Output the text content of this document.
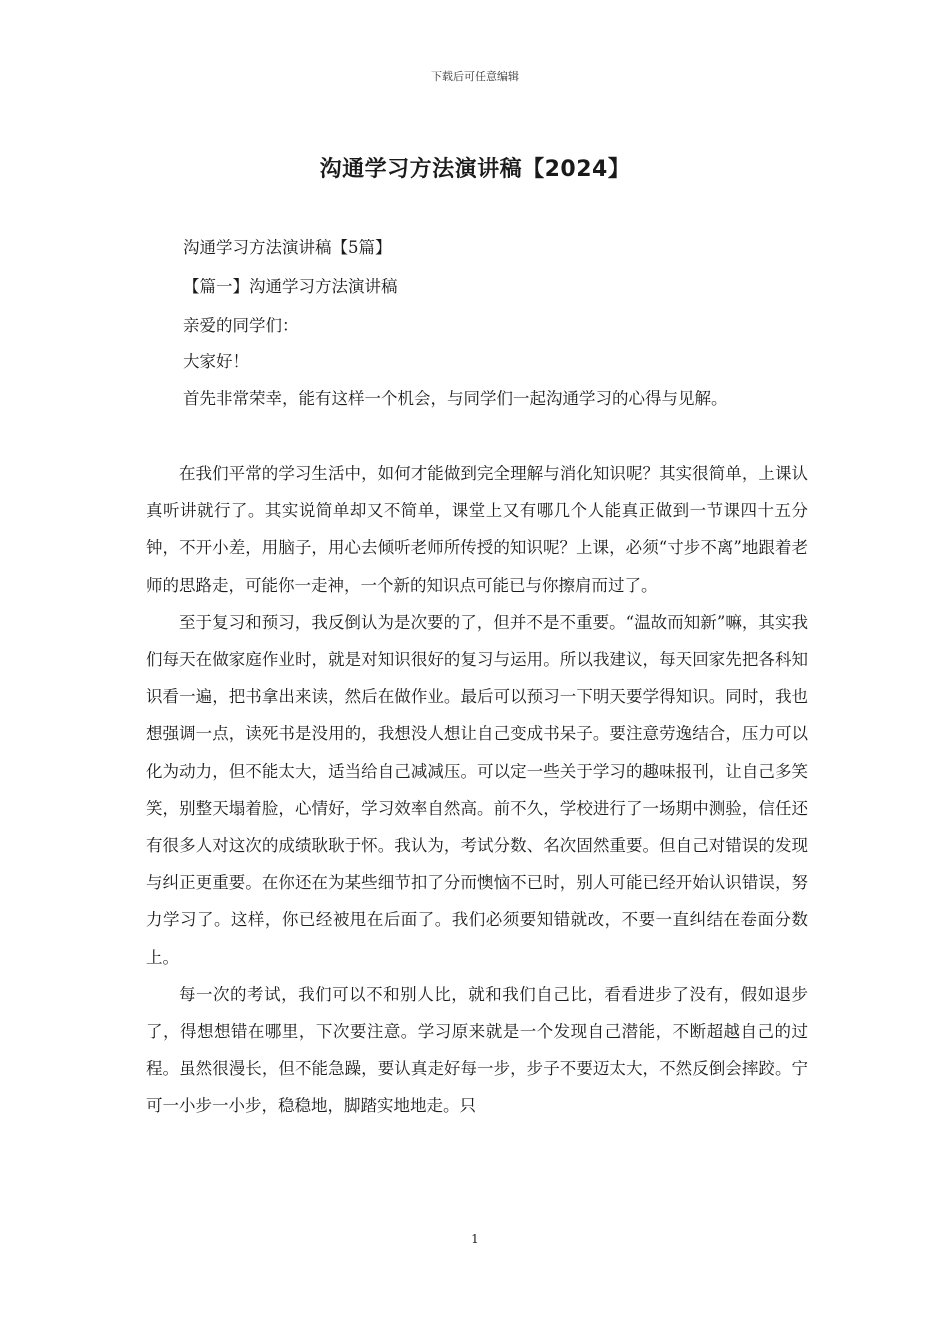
下载后可任意编辑
沟通学习方法演讲稿【2024】
沟通学习方法演讲稿【5篇】
【篇一】沟通学习方法演讲稿
亲爱的同学们：
大家好！
首先非常荣幸，能有这样一个机会，与同学们一起沟通学习的心得与见解。

在我们平常的学习生活中，如何才能做到完全理解与消化知识呢？其实很简单，上课认真听讲就行了。其实说简单却又不简单，课堂上又有哪几个人能真正做到一节课四十五分钟，不开小差，用脑子，用心去倾听老师所传授的知识呢？上课，必须“寸步不离”地跟着老师的思路走，可能你一走神，一个新的知识点可能已与你擦肩而过了。

至于复习和预习，我反倒认为是次要的了，但并不是不重要。“温故而知新”嘛，其实我们每天在做家庭作业时，就是对知识很好的复习与运用。所以我建议，每天回家先把各科知识看一遍，把书拿出来读，然后在做作业。最后可以预习一下明天要学得知识。同时，我也想强调一点，读死书是没用的，我想没人想让自己变成书呆子。要注意劳逸结合，压力可以化为动力，但不能太大，适当给自己减减压。可以定一些关于学习的趣味报刊，让自己多笑笑，别整天塌着脸，心情好，学习效率自然高。前不久，学校进行了一场期中测验，信任还有很多人对这次的成绩耿耿于怀。我认为，考试分数、名次固然重要。但自己对错误的发现与纠正更重要。在你还在为某些细节扣了分而懊恼不已时，别人可能已经开始认识错误，努力学习了。这样，你已经被甩在后面了。我们必须要知错就改，不要一直纠结在卷面分数上。

每一次的考试，我们可以不和别人比，就和我们自己比，看看进步了没有，假如退步了，得想想错在哪里，下次要注意。学习原来就是一个发现自己潜能，不断超越自己的过程。虽然很漫长，但不能急躁，要认真走好每一步，步子不要迈太大，不然反倒会摔跤。宁可一小步一小步，稳稳地，脚踏实地地走。只

1
